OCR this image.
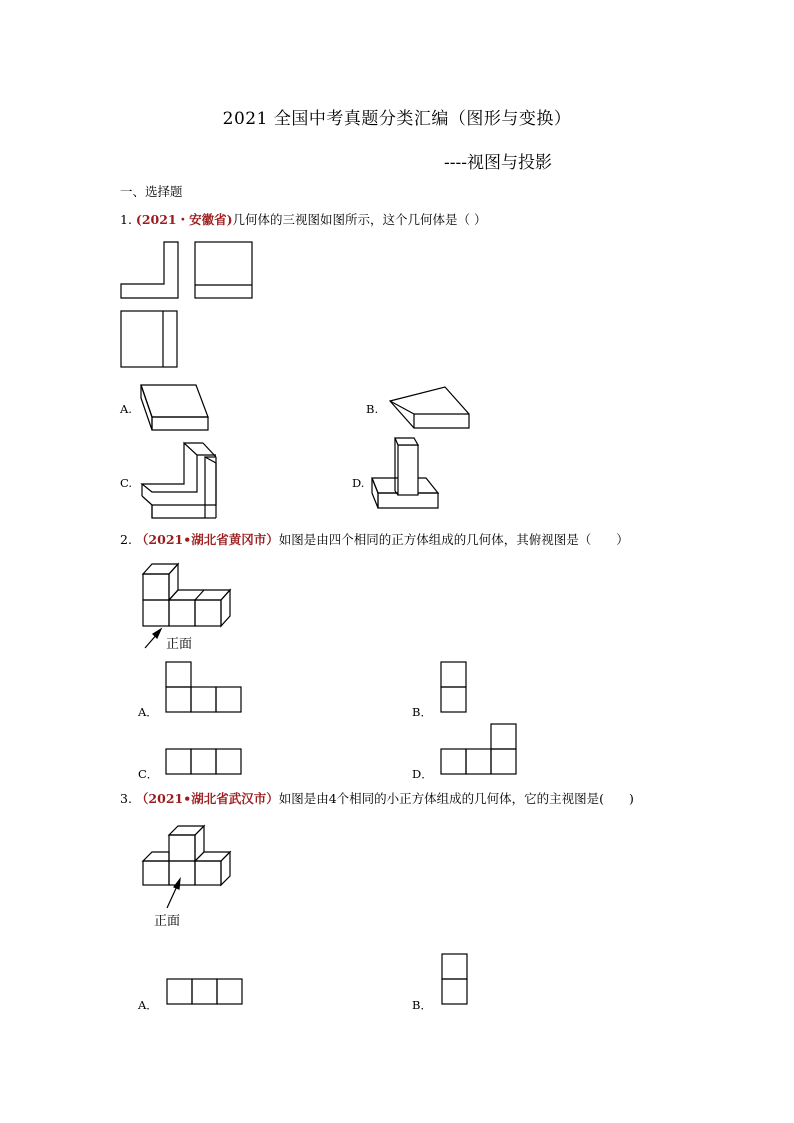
2021 全国中考真题分类汇编（图形与变换）
----视图与投影
一、选择题
1. (2021・安徽省)几何体的三视图如图所示，这个几何体是（ ）
A.	B.
C.	D.
2. （2021•湖北省黄冈市）如图是由四个相同的正方体组成的几何体，其俯视图是（　　）
正面
A．	B．
C．	D．
3. （2021•湖北省武汉市）如图是由4个相同的小正方体组成的几何体，它的主视图是(　　)
正面
A．	B．
